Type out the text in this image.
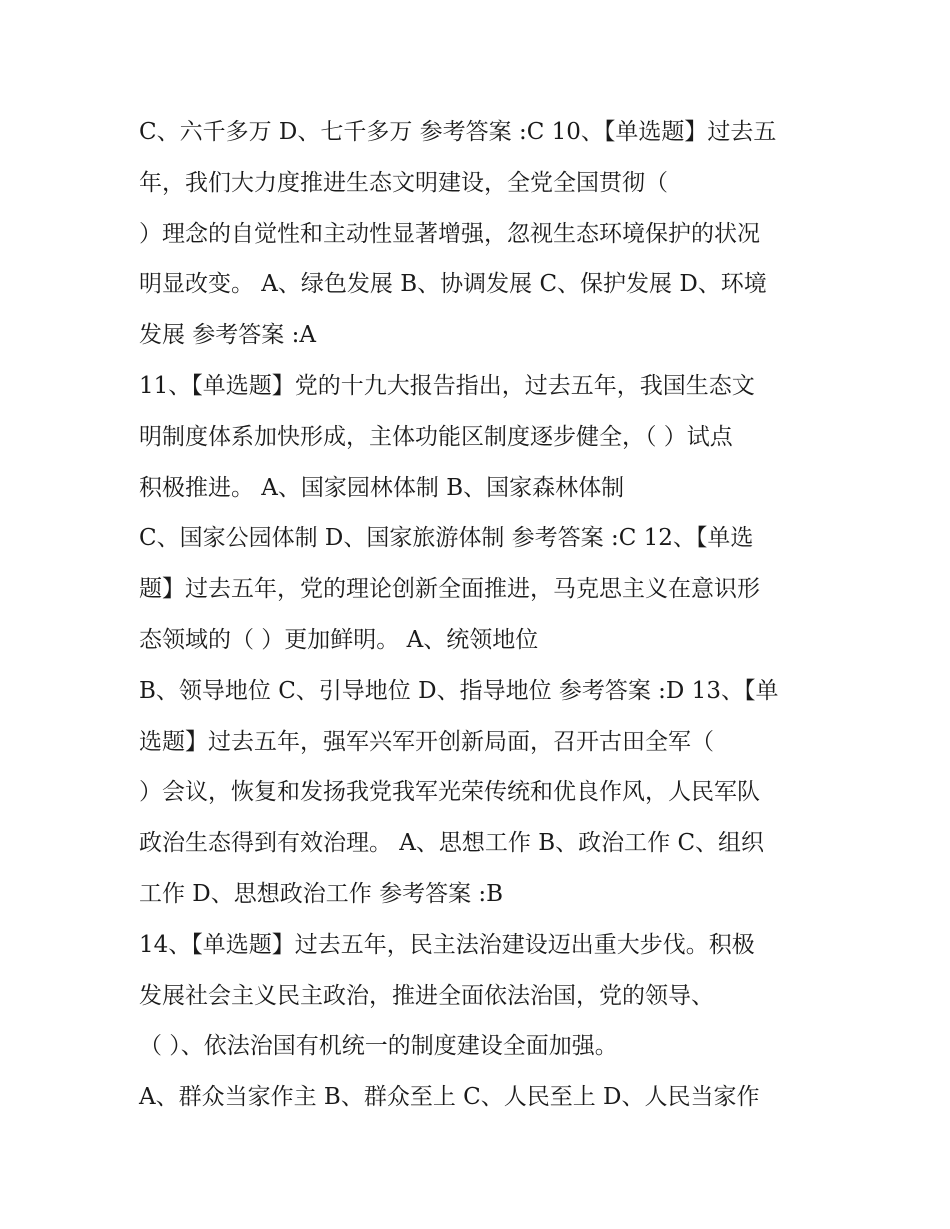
C、六千多万 D、七千多万 参考答案 :C 10、【单选题】过去五
年，我们大力度推进生态文明建设，全党全国贯彻（
）理念的自觉性和主动性显著增强，忽视生态环境保护的状况
明显改变。 A、绿色发展 B、协调发展 C、保护发展 D、环境
发展 参考答案 :A
11、【单选题】党的十九大报告指出，过去五年，我国生态文
明制度体系加快形成，主体功能区制度逐步健全，（ ）试点
积极推进。 A、国家园林体制 B、国家森林体制
C、国家公园体制 D、国家旅游体制 参考答案 :C 12、【单选
题】过去五年，党的理论创新全面推进，马克思主义在意识形
态领域的（ ）更加鲜明。 A、统领地位
B、领导地位 C、引导地位 D、指导地位 参考答案 :D 13、【单
选题】过去五年，强军兴军开创新局面，召开古田全军（
）会议，恢复和发扬我党我军光荣传统和优良作风，人民军队
政治生态得到有效治理。 A、思想工作 B、政治工作 C、组织
工作 D、思想政治工作 参考答案 :B
14、【单选题】过去五年，民主法治建设迈出重大步伐。积极
发展社会主义民主政治，推进全面依法治国，党的领导、
（ ）、依法治国有机统一的制度建设全面加强。
A、群众当家作主 B、群众至上 C、人民至上 D、人民当家作
